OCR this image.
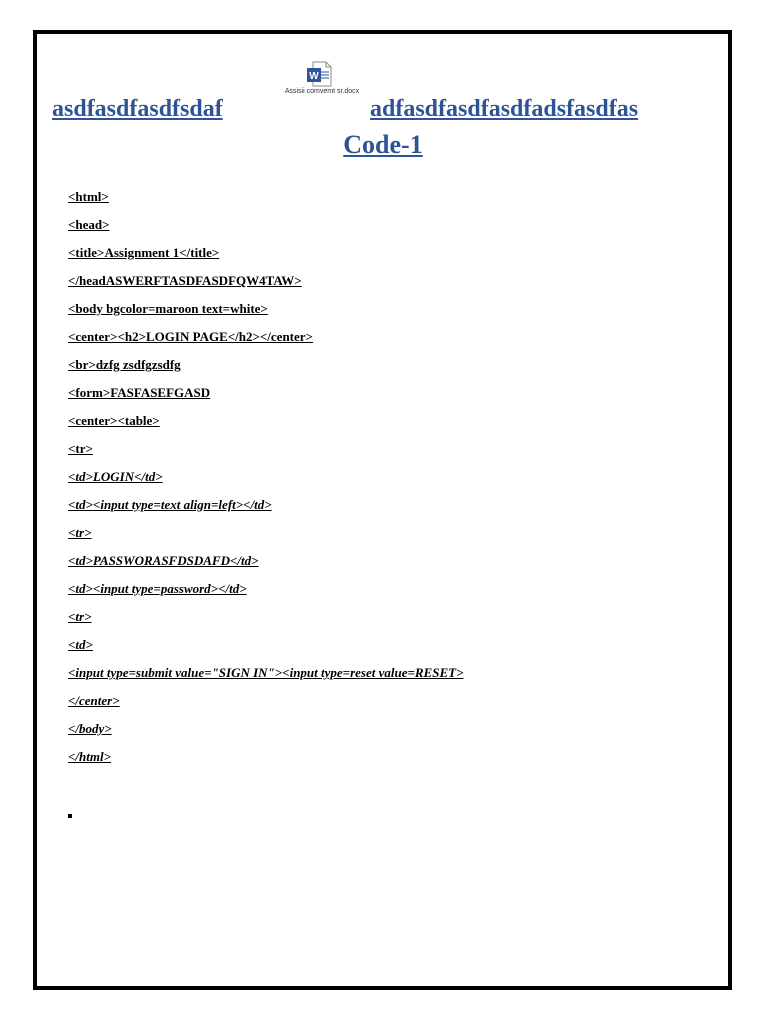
W
Assisii comvemt sr.docx
asdfasdfasdfsdaf	adfasdfasdfasdfadsfasdfas
Code-1
<html>
<head>
<title>Assignment 1</title>
</headASWERFTASDFASDFQW4TAW>
<body bgcolor=maroon text=white>
<center><h2>LOGIN PAGE</h2></center>
<br>dzfg zsdfgzsdfg
<form>FASFASEFGASD
<center><table>
<tr>
<td>LOGIN</td>
<td><input type=text align=left></td>
<tr>
<td>PASSWORASFDSDAFD</td>
<td><input type=password></td>
<tr>
<td>
<input type=submit value="SIGN IN"><input type=reset value=RESET>
</center>
</body>
</html>
